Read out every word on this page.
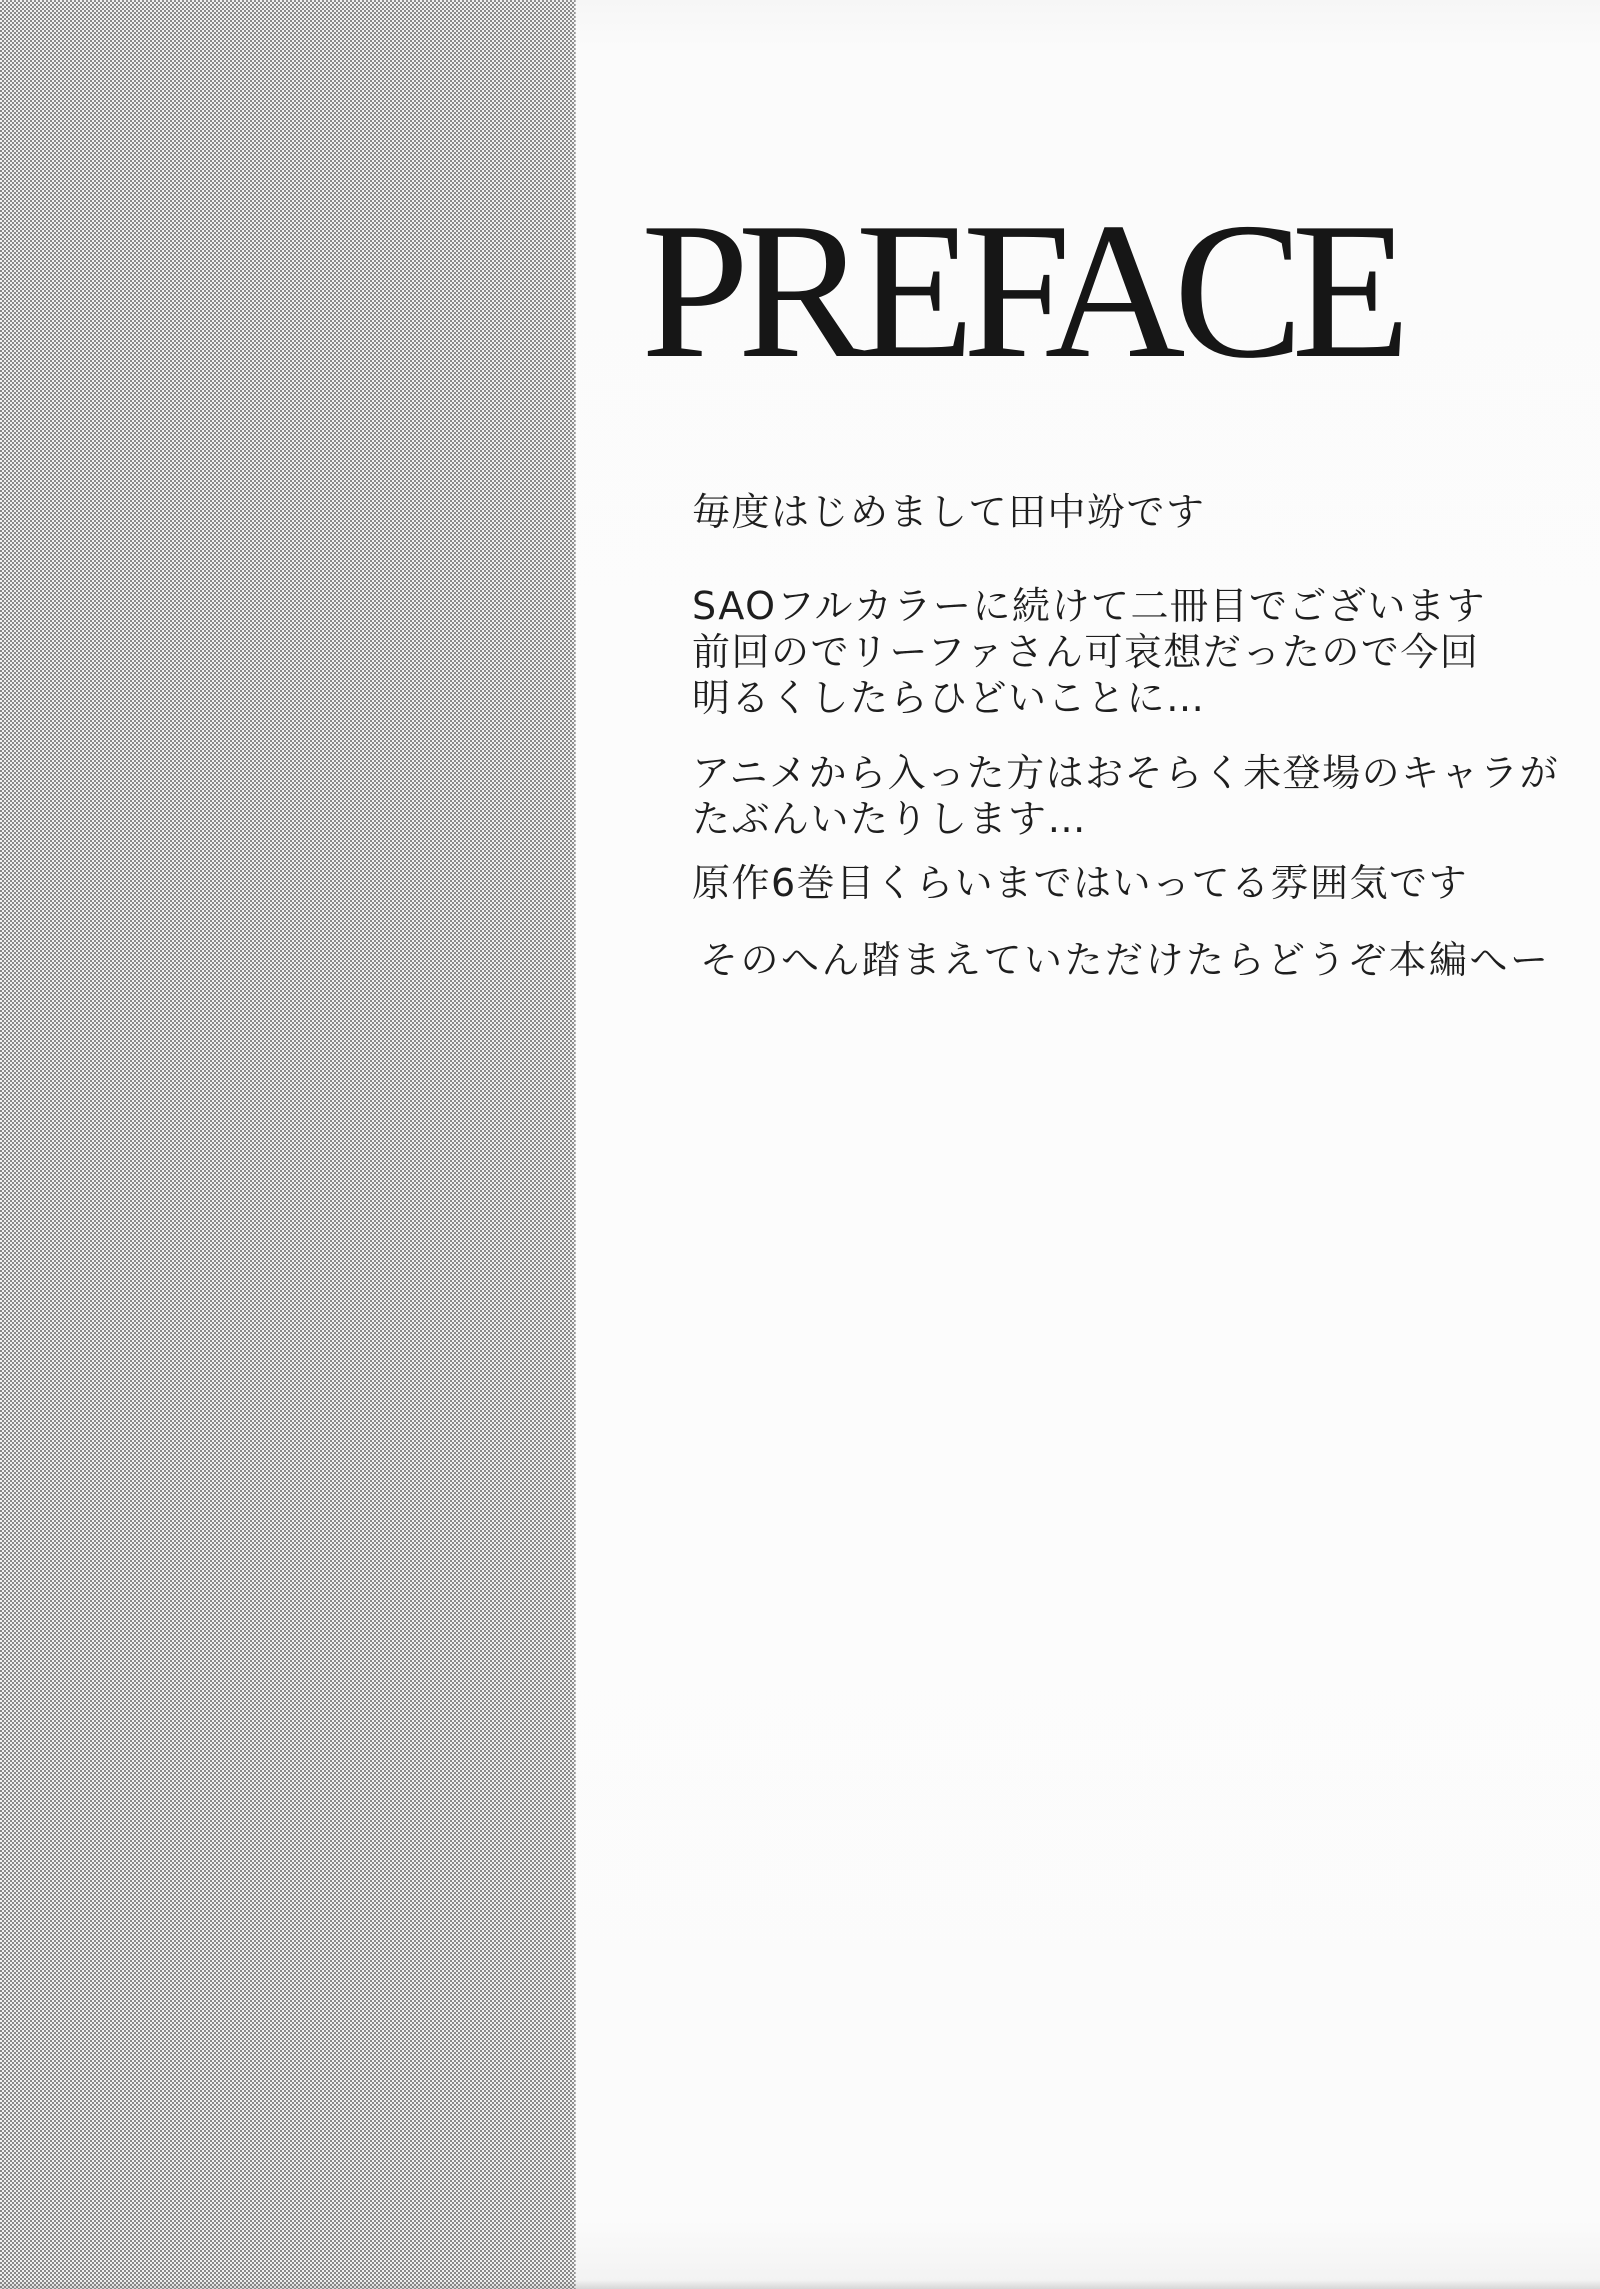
PREFACE
毎度はじめまして田中竕です
SAOフルカラーに続けて二冊目でございます
前回のでリーファさん可哀想だったので今回
明るくしたらひどいことに…
アニメから入った方はおそらく未登場のキャラが
たぶんいたりします…
原作6巻目くらいまではいってる雰囲気です
そのへん踏まえていただけたらどうぞ本編へー
